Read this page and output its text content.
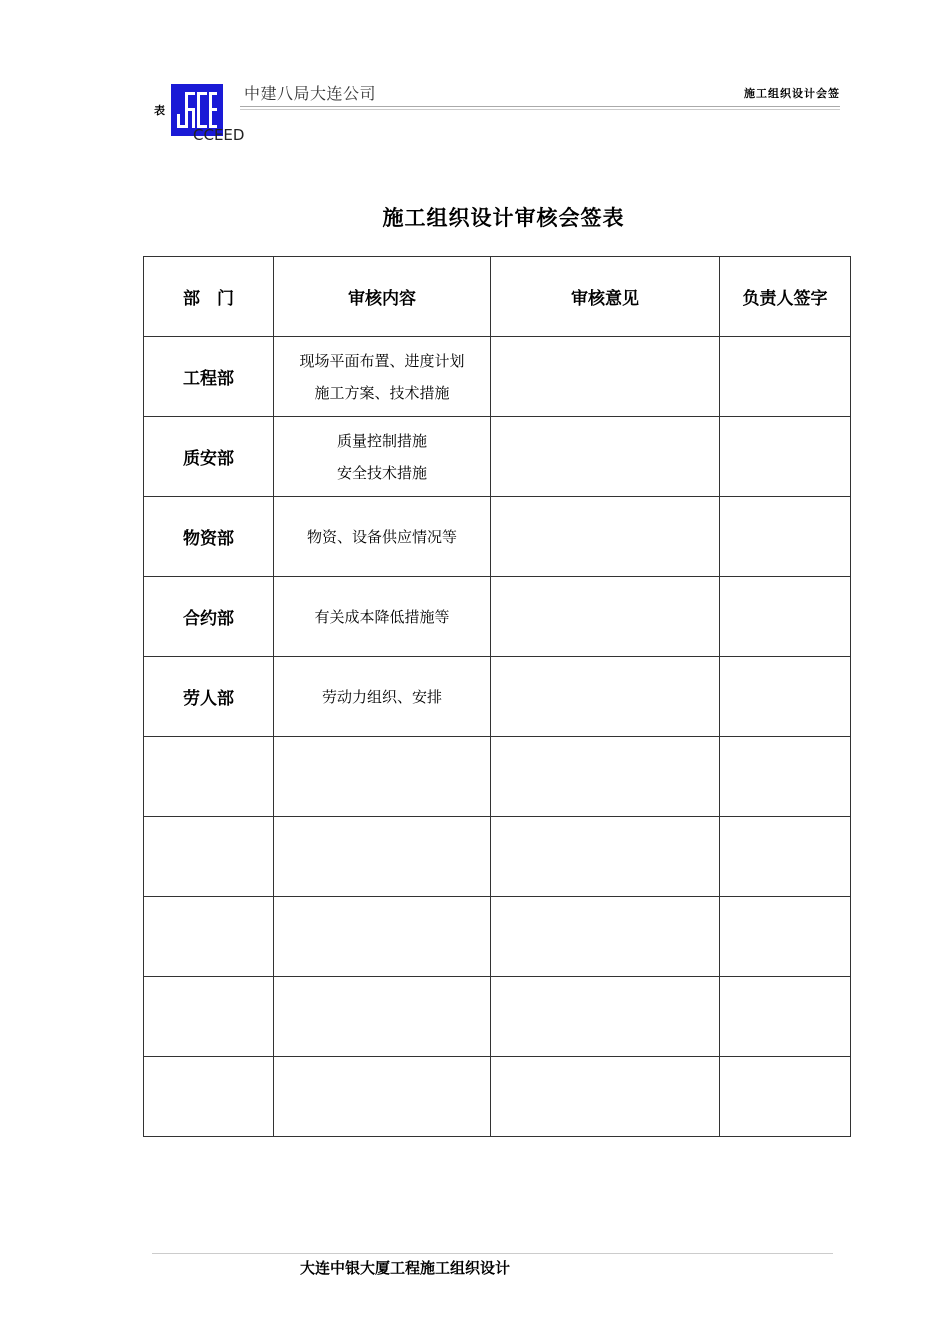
表
中建八局大连公司
CCEED
施工组织设计会签
施工组织设计审核会签表
部　门	审核内容	审核意见	负责人签字
工程部	现场平面布置、进度计划
施工方案、技术措施		

质安部	质量控制措施
安全技术措施		

物资部	物资、设备供应情况等		

合约部	有关成本降低措施等		

劳人部	劳动力组织、安排		

大连中银大厦工程施工组织设计
